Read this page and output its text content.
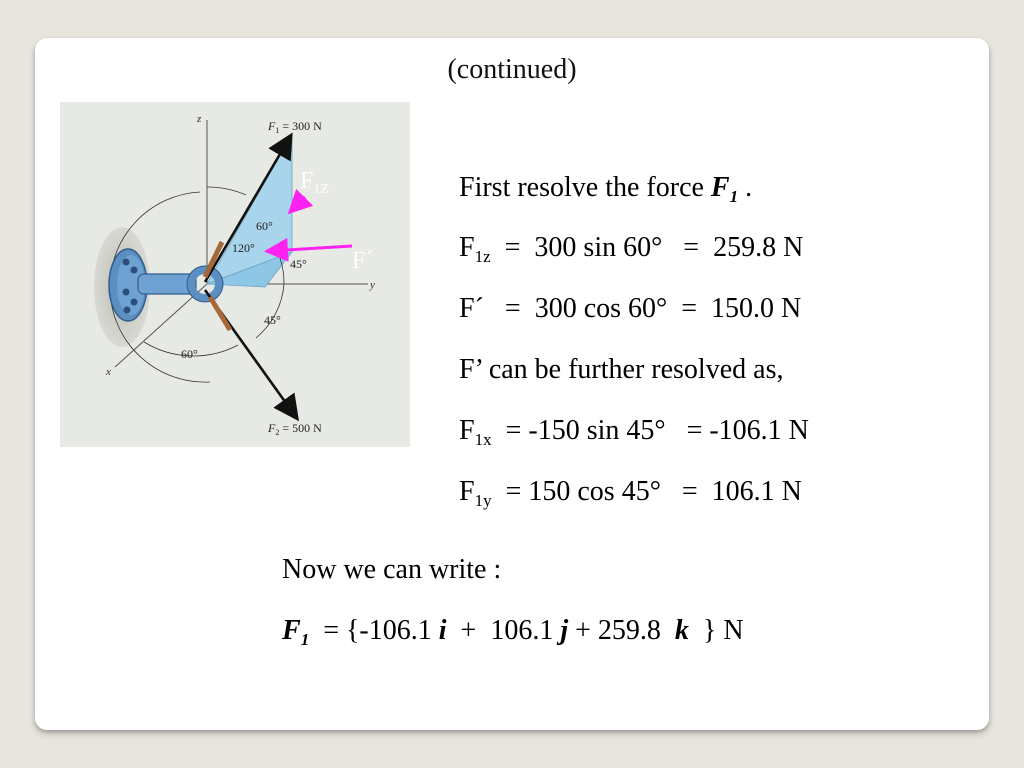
(continued)
z
y
x
$F_1 = 300$ N
$F_2 = 500$ N
60°
120°
45°
45°
60°
$F_{1Z}$
F´

First resolve the force $F_1$ .

$F_{1z} = 300$ sin 60°   =  259.8 N

F´   =  300 cos 60°  =  150.0 N

F’ can be further resolved as,

$F_{1x} = -150$ sin 45°   = -106.1 N

$F_{1y} = 150$ cos 45°   =  106.1 N

Now we can write :

$F_1 = \{-106.1$ i  +  106.1 j + 259.8  k  } N
